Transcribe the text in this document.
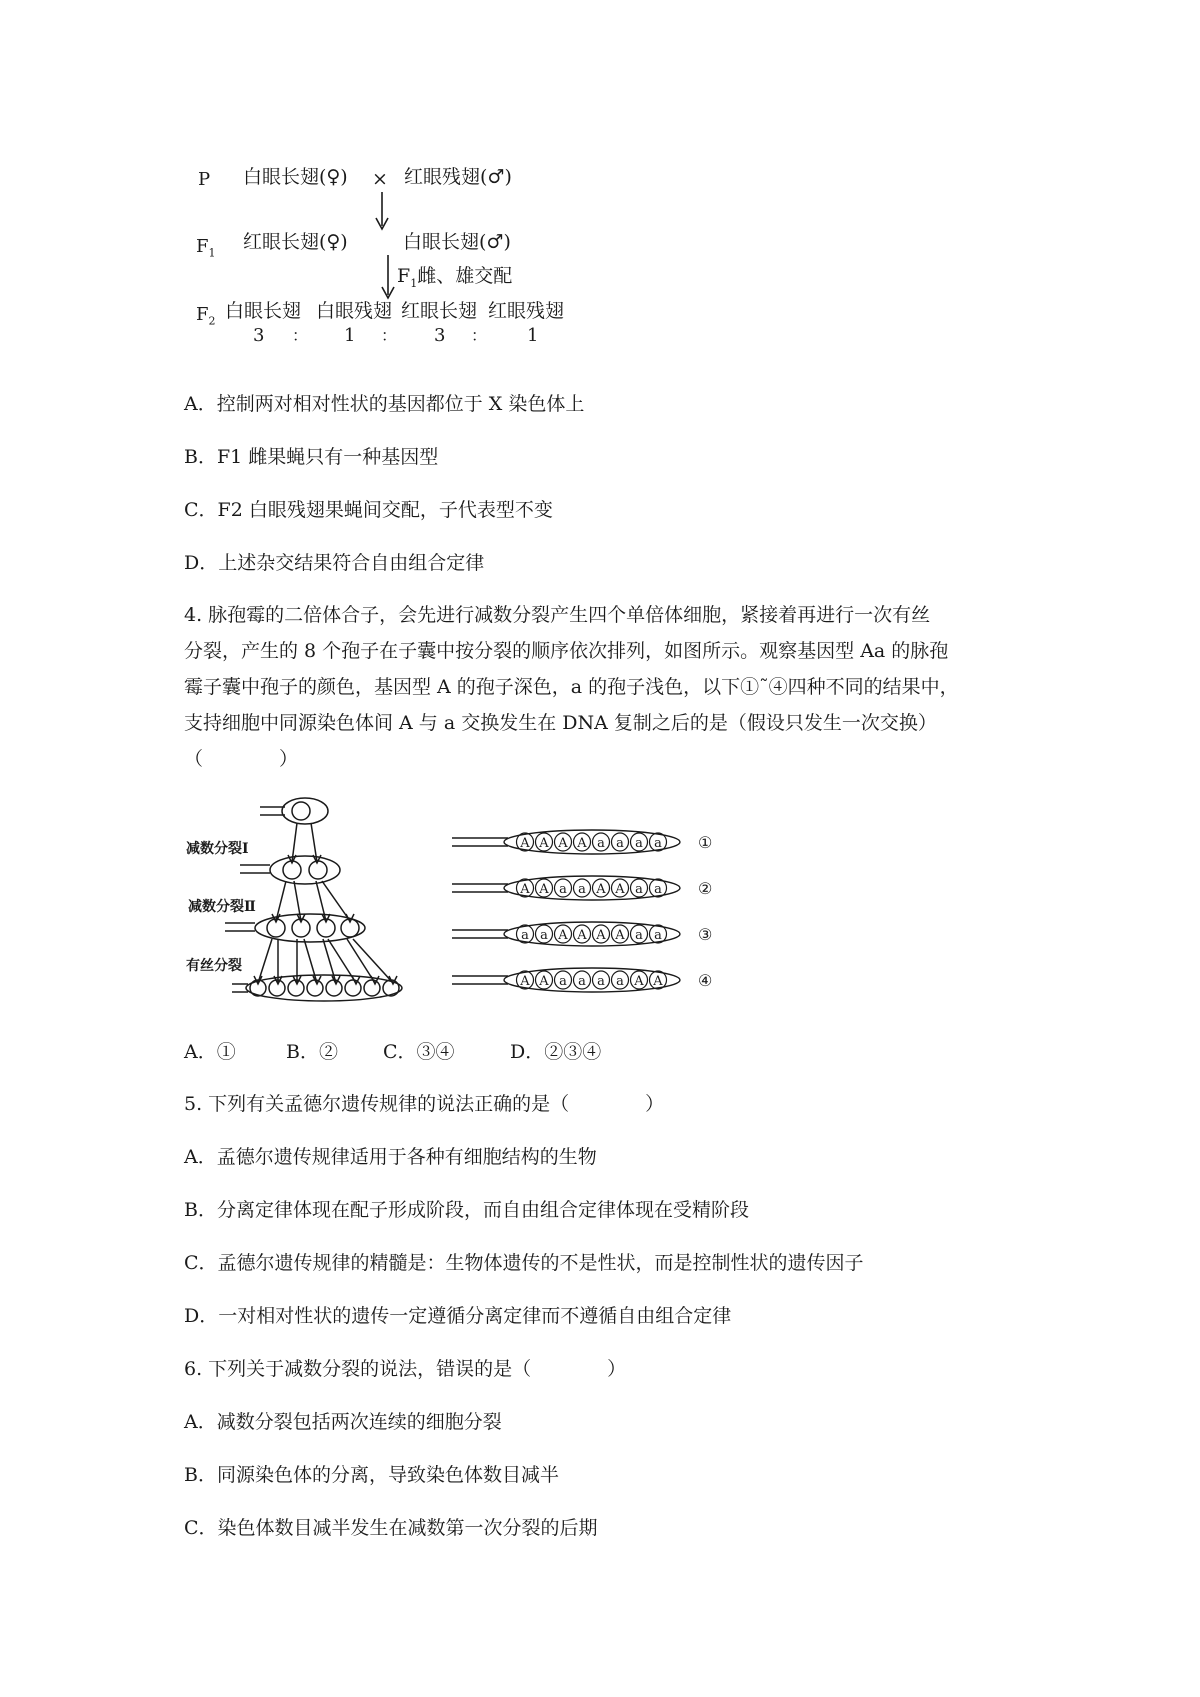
P 白眼长翅(♀) × 红眼残翅(♂)
$F_1$
红眼长翅(♀)	白眼长翅(♂)
$F_1$雌、雄交配
$F_2$ 白眼长翅 白眼残翅 红眼长翅 红眼残翅
3 ： 1 ： 3 ： 1
A．控制两对相对性状的基因都位于 X 染色体上
B．F1 雌果蝇只有一种基因型
C．F2 白眼残翅果蝇间交配，子代表型不变
D．上述杂交结果符合自由组合定律
4. 脉孢霉的二倍体合子，会先进行减数分裂产生四个单倍体细胞，紧接着再进行一次有丝
分裂，产生的 8 个孢子在子囊中按分裂的顺序依次排列，如图所示。观察基因型 Aa 的脉孢
霉子囊中孢子的颜色，基因型 A 的孢子深色，a 的孢子浅色，以下①˜④四种不同的结果中，
支持细胞中同源染色体间 A 与 a 交换发生在 DNA 复制之后的是（假设只发生一次交换）
（　　　　）
减数分裂Ⅰ
减数分裂Ⅱ
有丝分裂
A A A A a a a a ①
A A a a A A a a ②
a a A A A A a a ③
A A a a a a A A ④
A．①	B．② C．③④	D．②③④
5. 下列有关孟德尔遗传规律的说法正确的是（　　　　）
A．孟德尔遗传规律适用于各种有细胞结构的生物
B．分离定律体现在配子形成阶段，而自由组合定律体现在受精阶段
C．孟德尔遗传规律的精髓是：生物体遗传的不是性状，而是控制性状的遗传因子
D．一对相对性状的遗传一定遵循分离定律而不遵循自由组合定律
6. 下列关于减数分裂的说法，错误的是（　　　　）
A．减数分裂包括两次连续的细胞分裂
B．同源染色体的分离，导致染色体数目减半
C．染色体数目减半发生在减数第一次分裂的后期
